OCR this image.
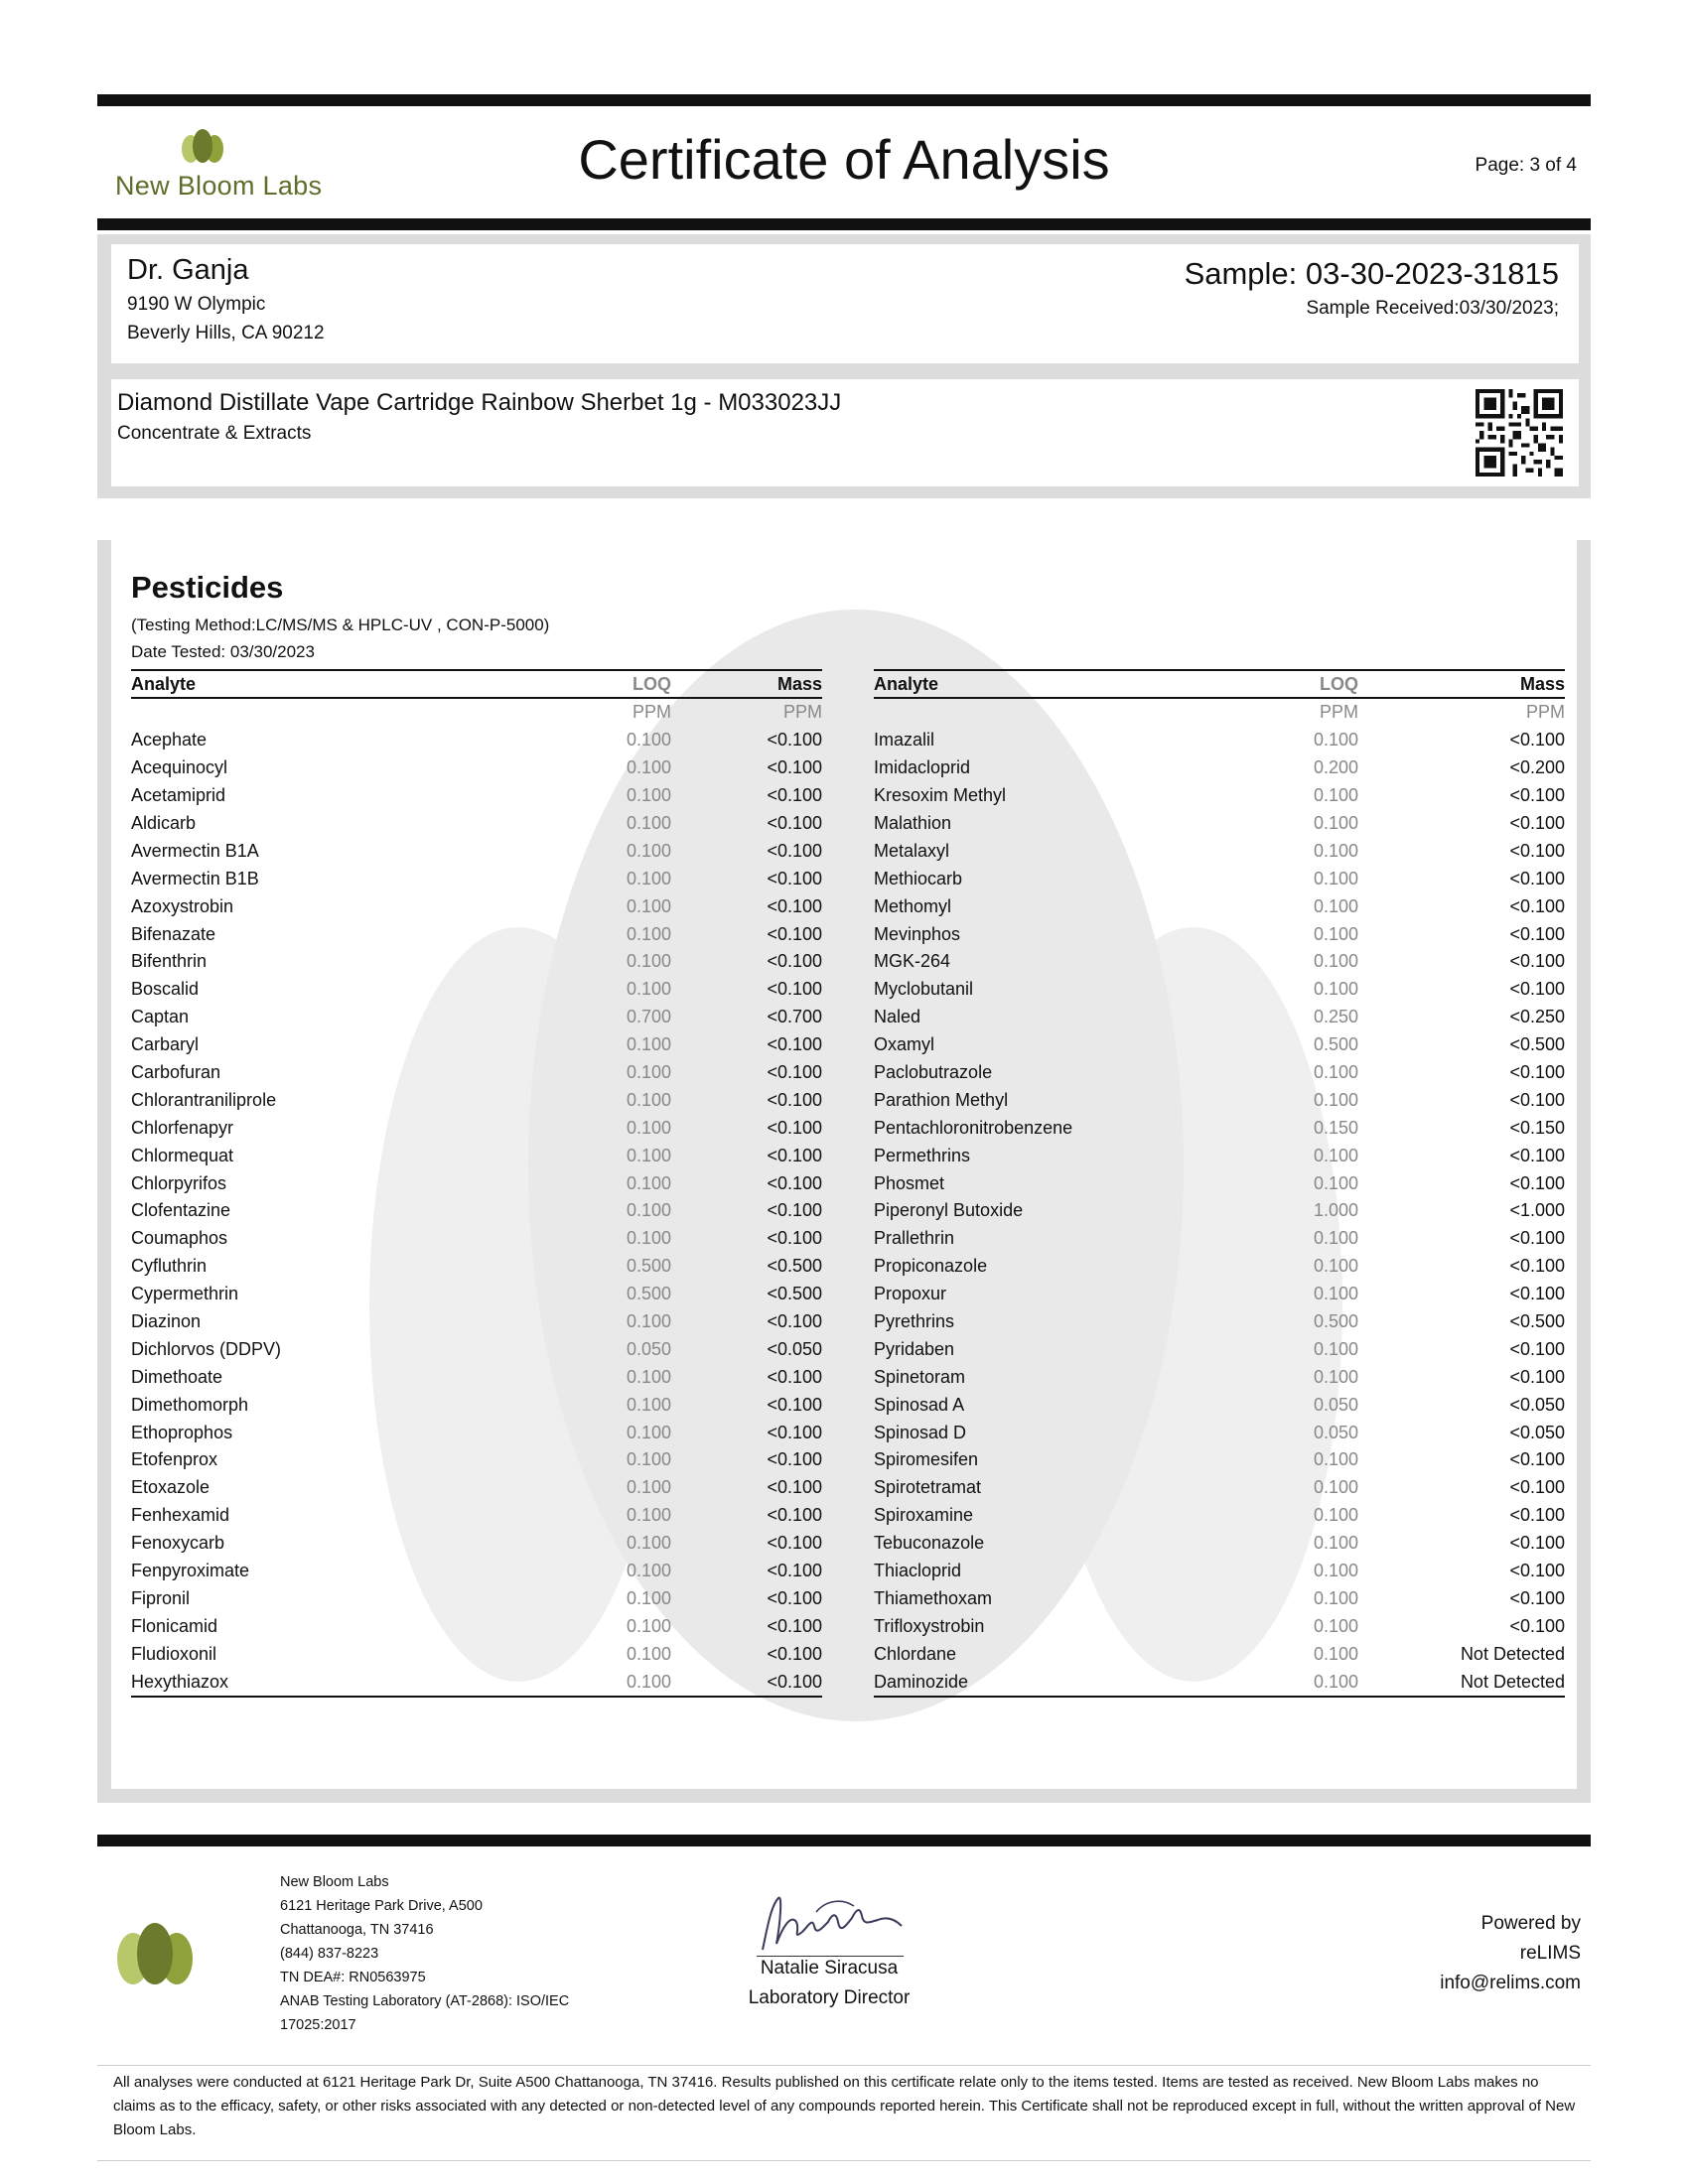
New Bloom Labs	Certificate of Analysis	Page: 3 of 4
Dr. Ganja
9190 W Olympic
Beverly Hills, CA 90212
Sample: 03-30-2023-31815
Sample Received:03/30/2023;
Diamond Distillate Vape Cartridge Rainbow Sherbet 1g - M033023JJ
Concentrate & Extracts
Pesticides
(Testing Method:LC/MS/MS & HPLC-UV , CON-P-5000)
Date Tested: 03/30/2023
Analyte	LOQ	Mass
PPM	PPM
Acephate	0.100	<0.100
Acequinocyl	0.100	<0.100
Acetamiprid	0.100	<0.100
Aldicarb	0.100	<0.100
Avermectin B1A	0.100	<0.100
Avermectin B1B	0.100	<0.100
Azoxystrobin	0.100	<0.100
Bifenazate	0.100	<0.100
Bifenthrin	0.100	<0.100
Boscalid	0.100	<0.100
Captan	0.700	<0.700
Carbaryl	0.100	<0.100
Carbofuran	0.100	<0.100
Chlorantraniliprole	0.100	<0.100
Chlorfenapyr	0.100	<0.100
Chlormequat	0.100	<0.100
Chlorpyrifos	0.100	<0.100
Clofentazine	0.100	<0.100
Coumaphos	0.100	<0.100
Cyfluthrin	0.500	<0.500
Cypermethrin	0.500	<0.500
Diazinon	0.100	<0.100
Dichlorvos (DDPV)	0.050	<0.050
Dimethoate	0.100	<0.100
Dimethomorph	0.100	<0.100
Ethoprophos	0.100	<0.100
Etofenprox	0.100	<0.100
Etoxazole	0.100	<0.100
Fenhexamid	0.100	<0.100
Fenoxycarb	0.100	<0.100
Fenpyroximate	0.100	<0.100
Fipronil	0.100	<0.100
Flonicamid	0.100	<0.100
Fludioxonil	0.100	<0.100
Hexythiazox	0.100	<0.100
Analyte	LOQ	Mass
PPM	PPM
Imazalil	0.100	<0.100
Imidacloprid	0.200	<0.200
Kresoxim Methyl	0.100	<0.100
Malathion	0.100	<0.100
Metalaxyl	0.100	<0.100
Methiocarb	0.100	<0.100
Methomyl	0.100	<0.100
Mevinphos	0.100	<0.100
MGK-264	0.100	<0.100
Myclobutanil	0.100	<0.100
Naled	0.250	<0.250
Oxamyl	0.500	<0.500
Paclobutrazole	0.100	<0.100
Parathion Methyl	0.100	<0.100
Pentachloronitrobenzene	0.150	<0.150
Permethrins	0.100	<0.100
Phosmet	0.100	<0.100
Piperonyl Butoxide	1.000	<1.000
Prallethrin	0.100	<0.100
Propiconazole	0.100	<0.100
Propoxur	0.100	<0.100
Pyrethrins	0.500	<0.500
Pyridaben	0.100	<0.100
Spinetoram	0.100	<0.100
Spinosad A	0.050	<0.050
Spinosad D	0.050	<0.050
Spiromesifen	0.100	<0.100
Spirotetramat	0.100	<0.100
Spiroxamine	0.100	<0.100
Tebuconazole	0.100	<0.100
Thiacloprid	0.100	<0.100
Thiamethoxam	0.100	<0.100
Trifloxystrobin	0.100	<0.100
Chlordane	0.100	Not Detected
Daminozide	0.100	Not Detected
New Bloom Labs
6121 Heritage Park Drive, A500
Chattanooga, TN 37416
(844) 837-8223
TN DEA#: RN0563975
ANAB Testing Laboratory (AT-2868): ISO/IEC
17025:2017
Natalie Siracusa
Laboratory Director
Powered by
reLIMS
info@relims.com
All analyses were conducted at 6121 Heritage Park Dr, Suite A500 Chattanooga, TN 37416. Results published on this certificate relate only to the items tested. Items are tested as received. New Bloom Labs makes no claims as to the efficacy, safety, or other risks associated with any detected or non-detected level of any compounds reported herein. This Certificate shall not be reproduced except in full, without the written approval of New Bloom Labs.
